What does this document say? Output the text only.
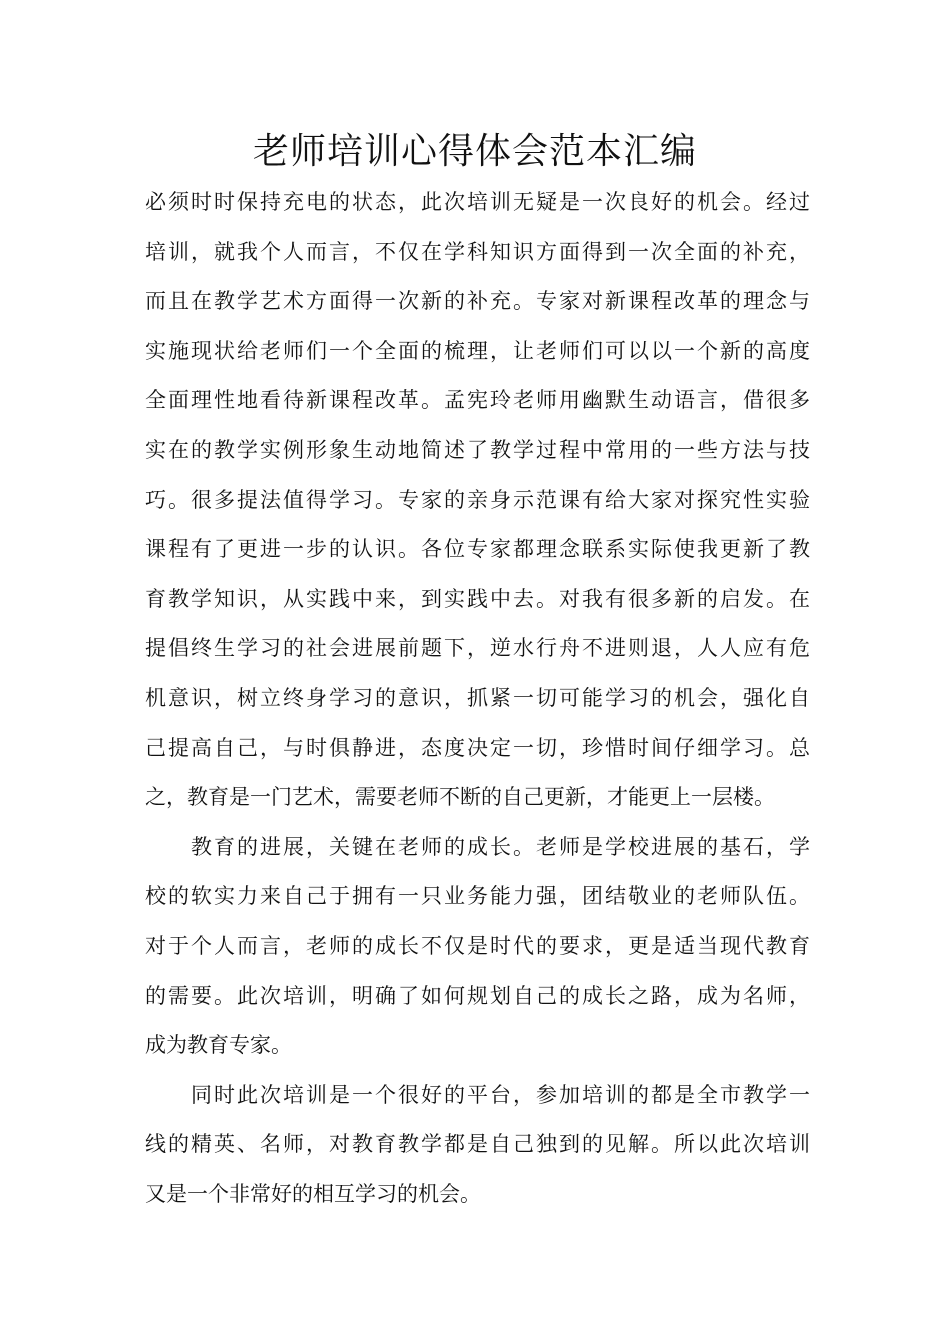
老师培训心得体会范本汇编
必须时时保持充电的状态，此次培训无疑是一次良好的机会。经过
培训，就我个人而言，不仅在学科知识方面得到一次全面的补充，
而且在教学艺术方面得一次新的补充。专家对新课程改革的理念与
实施现状给老师们一个全面的梳理，让老师们可以以一个新的高度
全面理性地看待新课程改革。孟宪玲老师用幽默生动语言，借很多
实在的教学实例形象生动地简述了教学过程中常用的一些方法与技
巧。很多提法值得学习。专家的亲身示范课有给大家对探究性实验
课程有了更进一步的认识。各位专家都理念联系实际使我更新了教
育教学知识，从实践中来，到实践中去。对我有很多新的启发。在
提倡终生学习的社会进展前题下，逆水行舟不进则退，人人应有危
机意识，树立终身学习的意识，抓紧一切可能学习的机会，强化自
己提高自己，与时俱静进，态度决定一切，珍惜时间仔细学习。总
之，教育是一门艺术，需要老师不断的自己更新，才能更上一层楼。
教育的进展，关键在老师的成长。老师是学校进展的基石，学
校的软实力来自己于拥有一只业务能力强，团结敬业的老师队伍。
对于个人而言，老师的成长不仅是时代的要求，更是适当现代教育
的需要。此次培训，明确了如何规划自己的成长之路，成为名师，
成为教育专家。
同时此次培训是一个很好的平台，参加培训的都是全市教学一
线的精英、名师，对教育教学都是自己独到的见解。所以此次培训
又是一个非常好的相互学习的机会。
